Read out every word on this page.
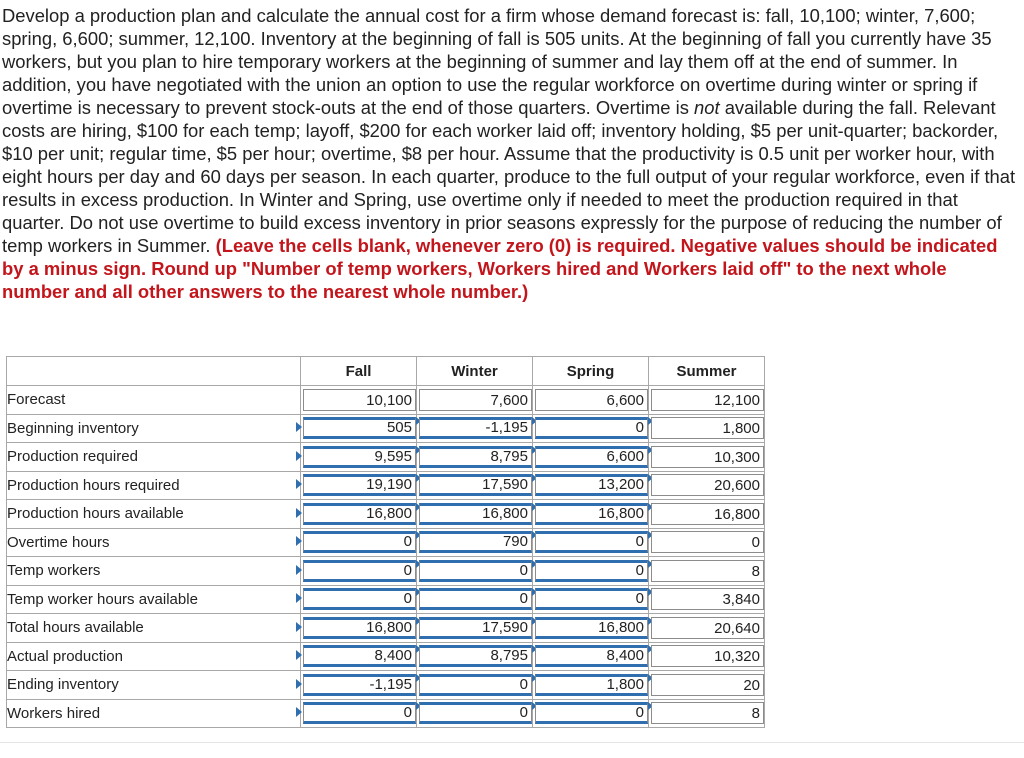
Develop a production plan and calculate the annual cost for a firm whose demand forecast is: fall, 10,100; winter, 7,600; spring, 6,600; summer, 12,100. Inventory at the beginning of fall is 505 units. At the beginning of fall you currently have 35 workers, but you plan to hire temporary workers at the beginning of summer and lay them off at the end of summer. In addition, you have negotiated with the union an option to use the regular workforce on overtime during winter or spring if overtime is necessary to prevent stock-outs at the end of those quarters. Overtime is not available during the fall. Relevant costs are hiring, $100 for each temp; layoff, $200 for each worker laid off; inventory holding, $5 per unit-quarter; backorder, $10 per unit; regular time, $5 per hour; overtime, $8 per hour. Assume that the productivity is 0.5 unit per worker hour, with eight hours per day and 60 days per season. In each quarter, produce to the full output of your regular workforce, even if that results in excess production. In Winter and Spring, use overtime only if needed to meet the production required in that quarter. Do not use overtime to build excess inventory in prior seasons expressly for the purpose of reducing the number of temp workers in Summer. (Leave the cells blank, whenever zero (0) is required. Negative values should be indicated by a minus sign. Round up "Number of temp workers, Workers hired and Workers laid off" to the next whole number and all other answers to the nearest whole number.)
	Fall	Winter	Spring	Summer
Forecast	10,100	7,600	6,600	12,100

Beginning inventory	505	-1,195	0	1,800

Production required	9,595	8,795	6,600	10,300

Production hours required	19,190	17,590	13,200	20,600

Production hours available	16,800	16,800	16,800	16,800

Overtime hours	0	790	0	0

Temp workers	0	0	0	8

Temp worker hours available	0	0	0	3,840

Total hours available	16,800	17,590	16,800	20,640

Actual production	8,400	8,795	8,400	10,320

Ending inventory	-1,195	0	1,800	20

Workers hired	0	0	0	8
